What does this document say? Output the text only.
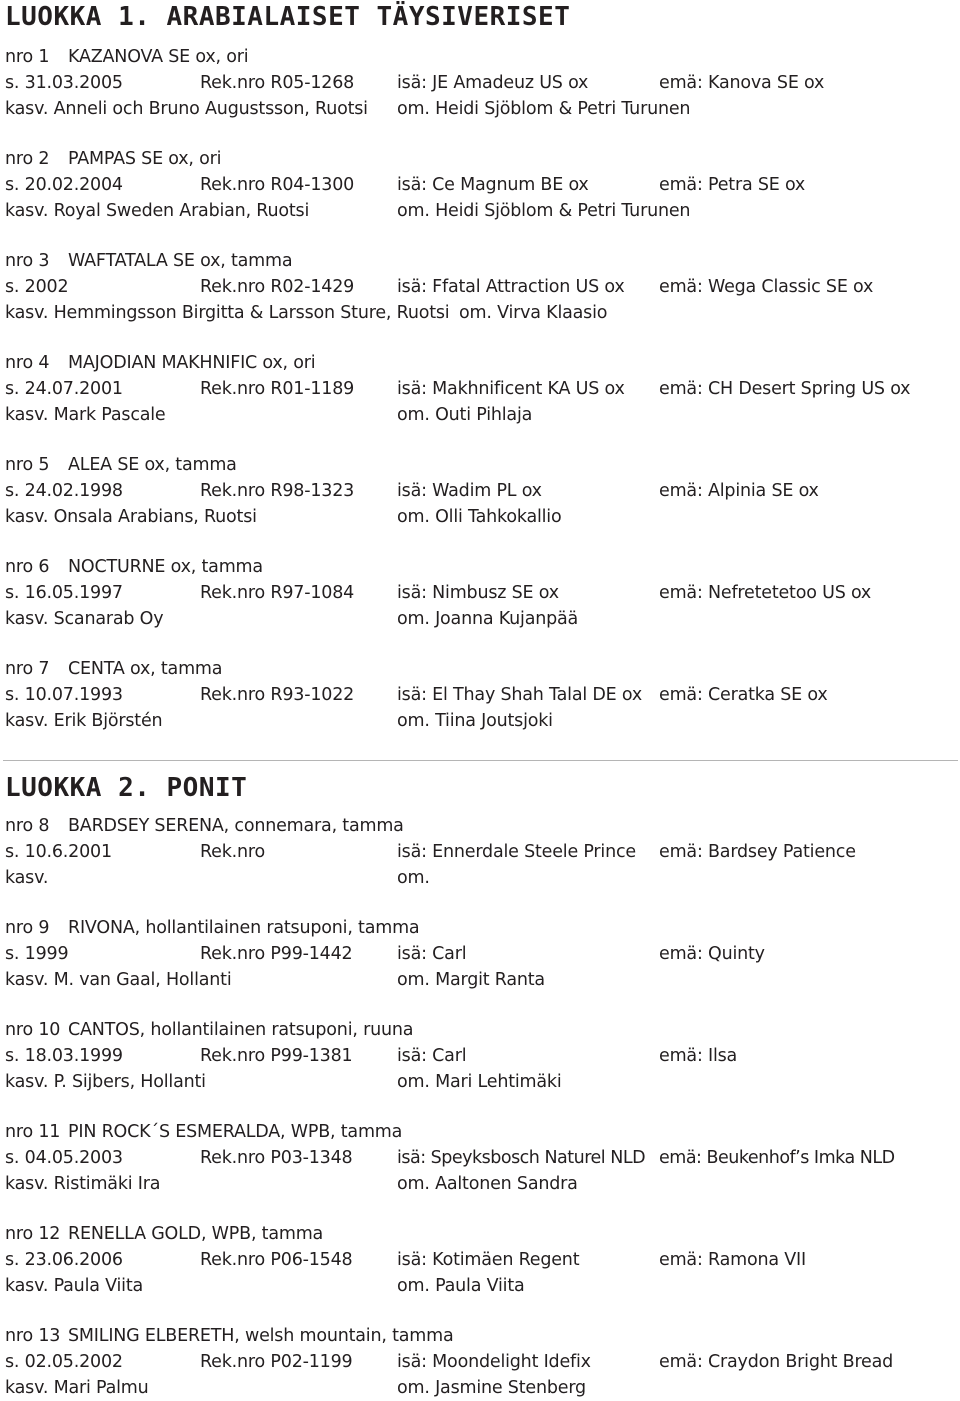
LUOKKA 1. ARABIALAISET TÄYSIVERISET
nro 1 KAZANOVA SE ox, ori
s. 31.03.2005	Rek.nro R05-1268 isä: JE Amadeuz US ox	emä: Kanova SE ox
kasv. Anneli och Bruno Augustsson, Ruotsi om. Heidi Sjöblom & Petri Turunen
nro 2 PAMPAS SE ox, ori
s. 20.02.2004	Rek.nro R04-1300 isä: Ce Magnum BE ox	emä: Petra SE ox
kasv. Royal Sweden Arabian, Ruotsi	om. Heidi Sjöblom & Petri Turunen
nro 3 WAFTATALA SE ox, tamma
s. 2002	Rek.nro R02-1429 isä: Ffatal Attraction US ox emä: Wega Classic SE ox
kasv. Hemmingsson Birgitta & Larsson Sture, Ruotsi om. Virva Klaasio
nro 4 MAJODIAN MAKHNIFIC ox, ori
s. 24.07.2001	Rek.nro R01-1189 isä: Makhnificent KA US ox emä: CH Desert Spring US ox
kasv. Mark Pascale	om. Outi Pihlaja
nro 5 ALEA SE ox, tamma
s. 24.02.1998	Rek.nro R98-1323 isä: Wadim PL ox	emä: Alpinia SE ox
kasv. Onsala Arabians, Ruotsi	om. Olli Tahkokallio
nro 6 NOCTURNE ox, tamma
s. 16.05.1997	Rek.nro R97-1084 isä: Nimbusz SE ox	emä: Nefretetetoo US ox
kasv. Scanarab Oy	om. Joanna Kujanpää
nro 7 CENTA ox, tamma
s. 10.07.1993	Rek.nro R93-1022 isä: El Thay Shah Talal DE ox emä: Ceratka SE ox
kasv. Erik Björstén	om. Tiina Joutsjoki
LUOKKA 2. PONIT
nro 8 BARDSEY SERENA, connemara, tamma
s. 10.6.2001	Rek.nro	isä: Ennerdale Steele Prince emä: Bardsey Patience
kasv.	om.
nro 9 RIVONA, hollantilainen ratsuponi, tamma
s. 1999	Rek.nro P99-1442	isä: Carl	emä: Quinty
kasv. M. van Gaal, Hollanti	om. Margit Ranta
nro 10 CANTOS, hollantilainen ratsuponi, ruuna
s. 18.03.1999	Rek.nro P99-1381	isä: Carl	emä: Ilsa
kasv. P. Sijbers, Hollanti	om. Mari Lehtimäki
nro 11 PIN ROCK´S ESMERALDA, WPB, tamma
s. 04.05.2003	Rek.nro P03-1348	isä: Speyksbosch Naturel NLD emä: Beukenhof’s Imka NLD
kasv. Ristimäki Ira	om. Aaltonen Sandra
nro 12 RENELLA GOLD, WPB, tamma
s. 23.06.2006	Rek.nro P06-1548	isä: Kotimäen Regent	emä: Ramona VII
kasv. Paula Viita	om. Paula Viita
nro 13 SMILING ELBERETH, welsh mountain, tamma
s. 02.05.2002	Rek.nro P02-1199	isä: Moondelight Idefix	emä: Craydon Bright Bread
kasv. Mari Palmu	om. Jasmine Stenberg
